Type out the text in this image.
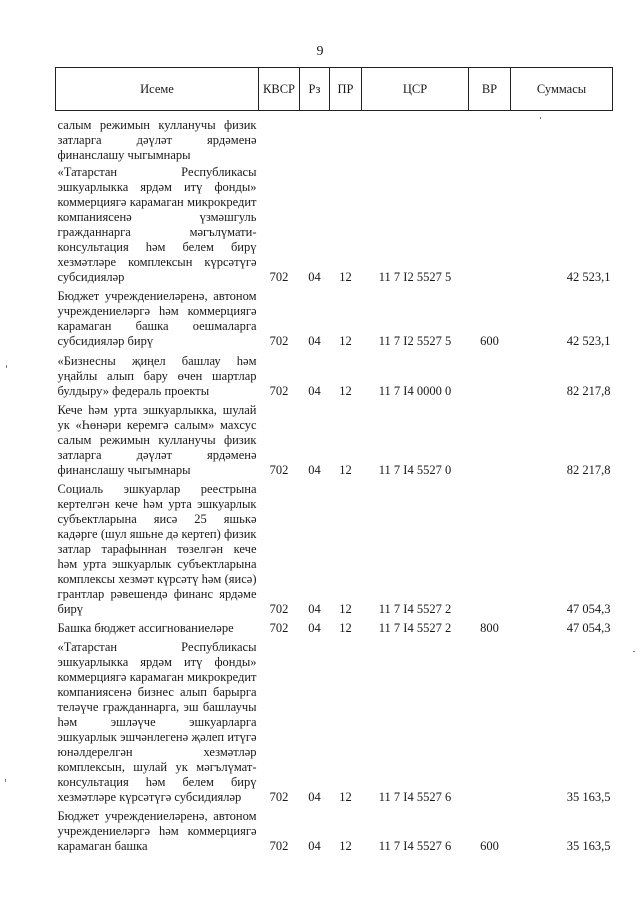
9
Исеме	КВСР	Рз	ПР	ЦСР	ВР	Суммасы
салым режимын кулланучы физик затларга дәүләт ярдәменә финанслашу чыгымнары						
«Татарстан Республикасы эшкуарлыкка ярдәм итү фонды» коммерциягә карамаган микрокредит компаниясенә үзмәшгуль гражданнарга мәгълүмати-консультация һәм белем бирү хезмәтләре комплексын күрсәтүгә субсидияләр	702	04	12	11 7 I2 5527 5		42 523,1
Бюджет учреждениеләренә, автоном учреждениеләргә һәм коммерциягә карамаган башка оешмаларга субсидияләр бирү	702	04	12	11 7 I2 5527 5	600	42 523,1
«Бизнесны җиңел башлау һәм уңайлы алып бару өчен шартлар булдыру» федераль проекты	702	04	12	11 7 I4 0000 0		82 217,8
Кече һәм урта эшкуарлыкка, шулай ук «Һөнәри керемгә салым» махсус салым режимын кулланучы физик затларга дәүләт ярдәменә финанслашу чыгымнары	702	04	12	11 7 I4 5527 0		82 217,8
Социаль эшкуарлар реестрына кертелгән кече һәм урта эшкуарлык субъектларына яисә 25 яшькә кадәрге (шул яшьне дә кертеп) физик затлар тарафыннан төзелгән кече һәм урта эшкуарлык субъектларына комплексы хезмәт күрсәтү һәм (яисә) грантлар рәвешендә финанс ярдәме бирү	702	04	12	11 7 I4 5527 2		47 054,3
Башка бюджет ассигнованиеләре	702	04	12	11 7 I4 5527 2	800	47 054,3
«Татарстан Республикасы эшкуарлыкка ярдәм итү фонды» коммерциягә карамаган микрокредит компаниясенә бизнес алып барырга теләүче гражданнарга, эш башлаучы һәм эшләүче эшкуарларга эшкуарлык эшчәнлегенә җәлеп итүгә юнәлдерелгән хезмәтләр комплексын, шулай ук мәгълүмат-консультация һәм белем бирү хезмәтләре күрсәтүгә субсидияләр	702	04	12	11 7 I4 5527 6		35 163,5
Бюджет учреждениеләренә, автоном учреждениеләргә һәм коммерциягә карамаган башка	702	04	12	11 7 I4 5527 6	600	35 163,5
